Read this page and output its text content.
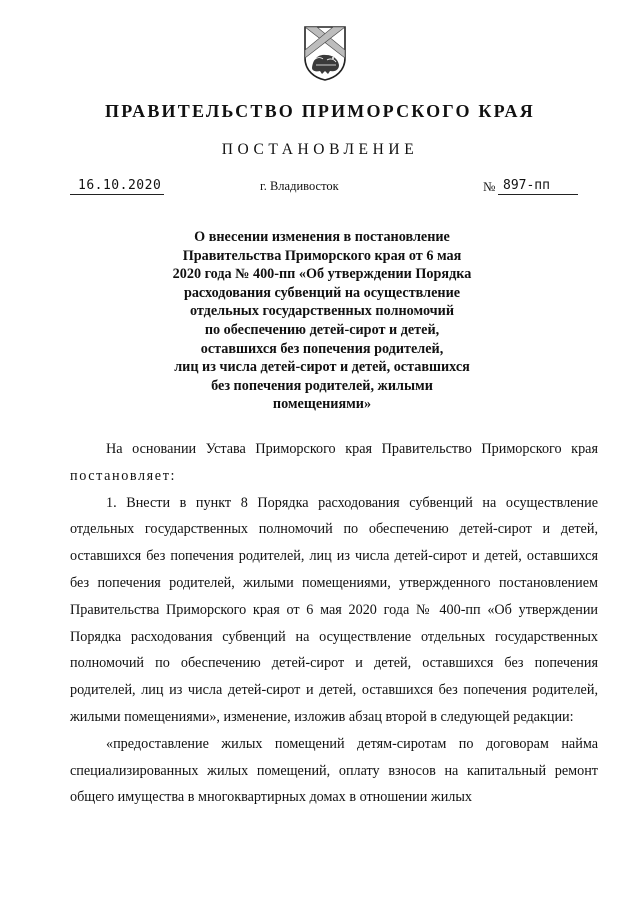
ПРАВИТЕЛЬСТВО ПРИМОРСКОГО КРАЯ
ПОСТАНОВЛЕНИЕ
16.10.2020	г. Владивосток	№ 897-пп
О внесении изменения в постановление
Правительства Приморского края от 6 мая
2020 года № 400-пп «Об утверждении Порядка
расходования субвенций на осуществление
отдельных государственных полномочий
по обеспечению детей-сирот и детей,
оставшихся без попечения родителей,
лиц из числа детей-сирот и детей, оставшихся
без попечения родителей, жилыми
помещениями»

На основании Устава Приморского края Правительство Приморского края постановляет:

1. Внести в пункт 8 Порядка расходования субвенций на осуществление отдельных государственных полномочий по обеспечению детей-сирот и детей, оставшихся без попечения родителей, лиц из числа детей-сирот и детей, оставшихся без попечения родителей, жилыми помещениями, утвержденного постановлением Правительства Приморского края от 6 мая 2020 года № 400-пп «Об утверждении Порядка расходования субвенций на осуществление отдельных государственных полномочий по обеспечению детей-сирот и детей, оставшихся без попечения родителей, лиц из числа детей-сирот и детей, оставшихся без попечения родителей, жилыми помещениями», изменение, изложив абзац второй в следующей редакции:

«предоставление жилых помещений детям-сиротам по договорам найма специализированных жилых помещений, оплату взносов на капитальный ремонт общего имущества в многоквартирных домах в отношении жилых
